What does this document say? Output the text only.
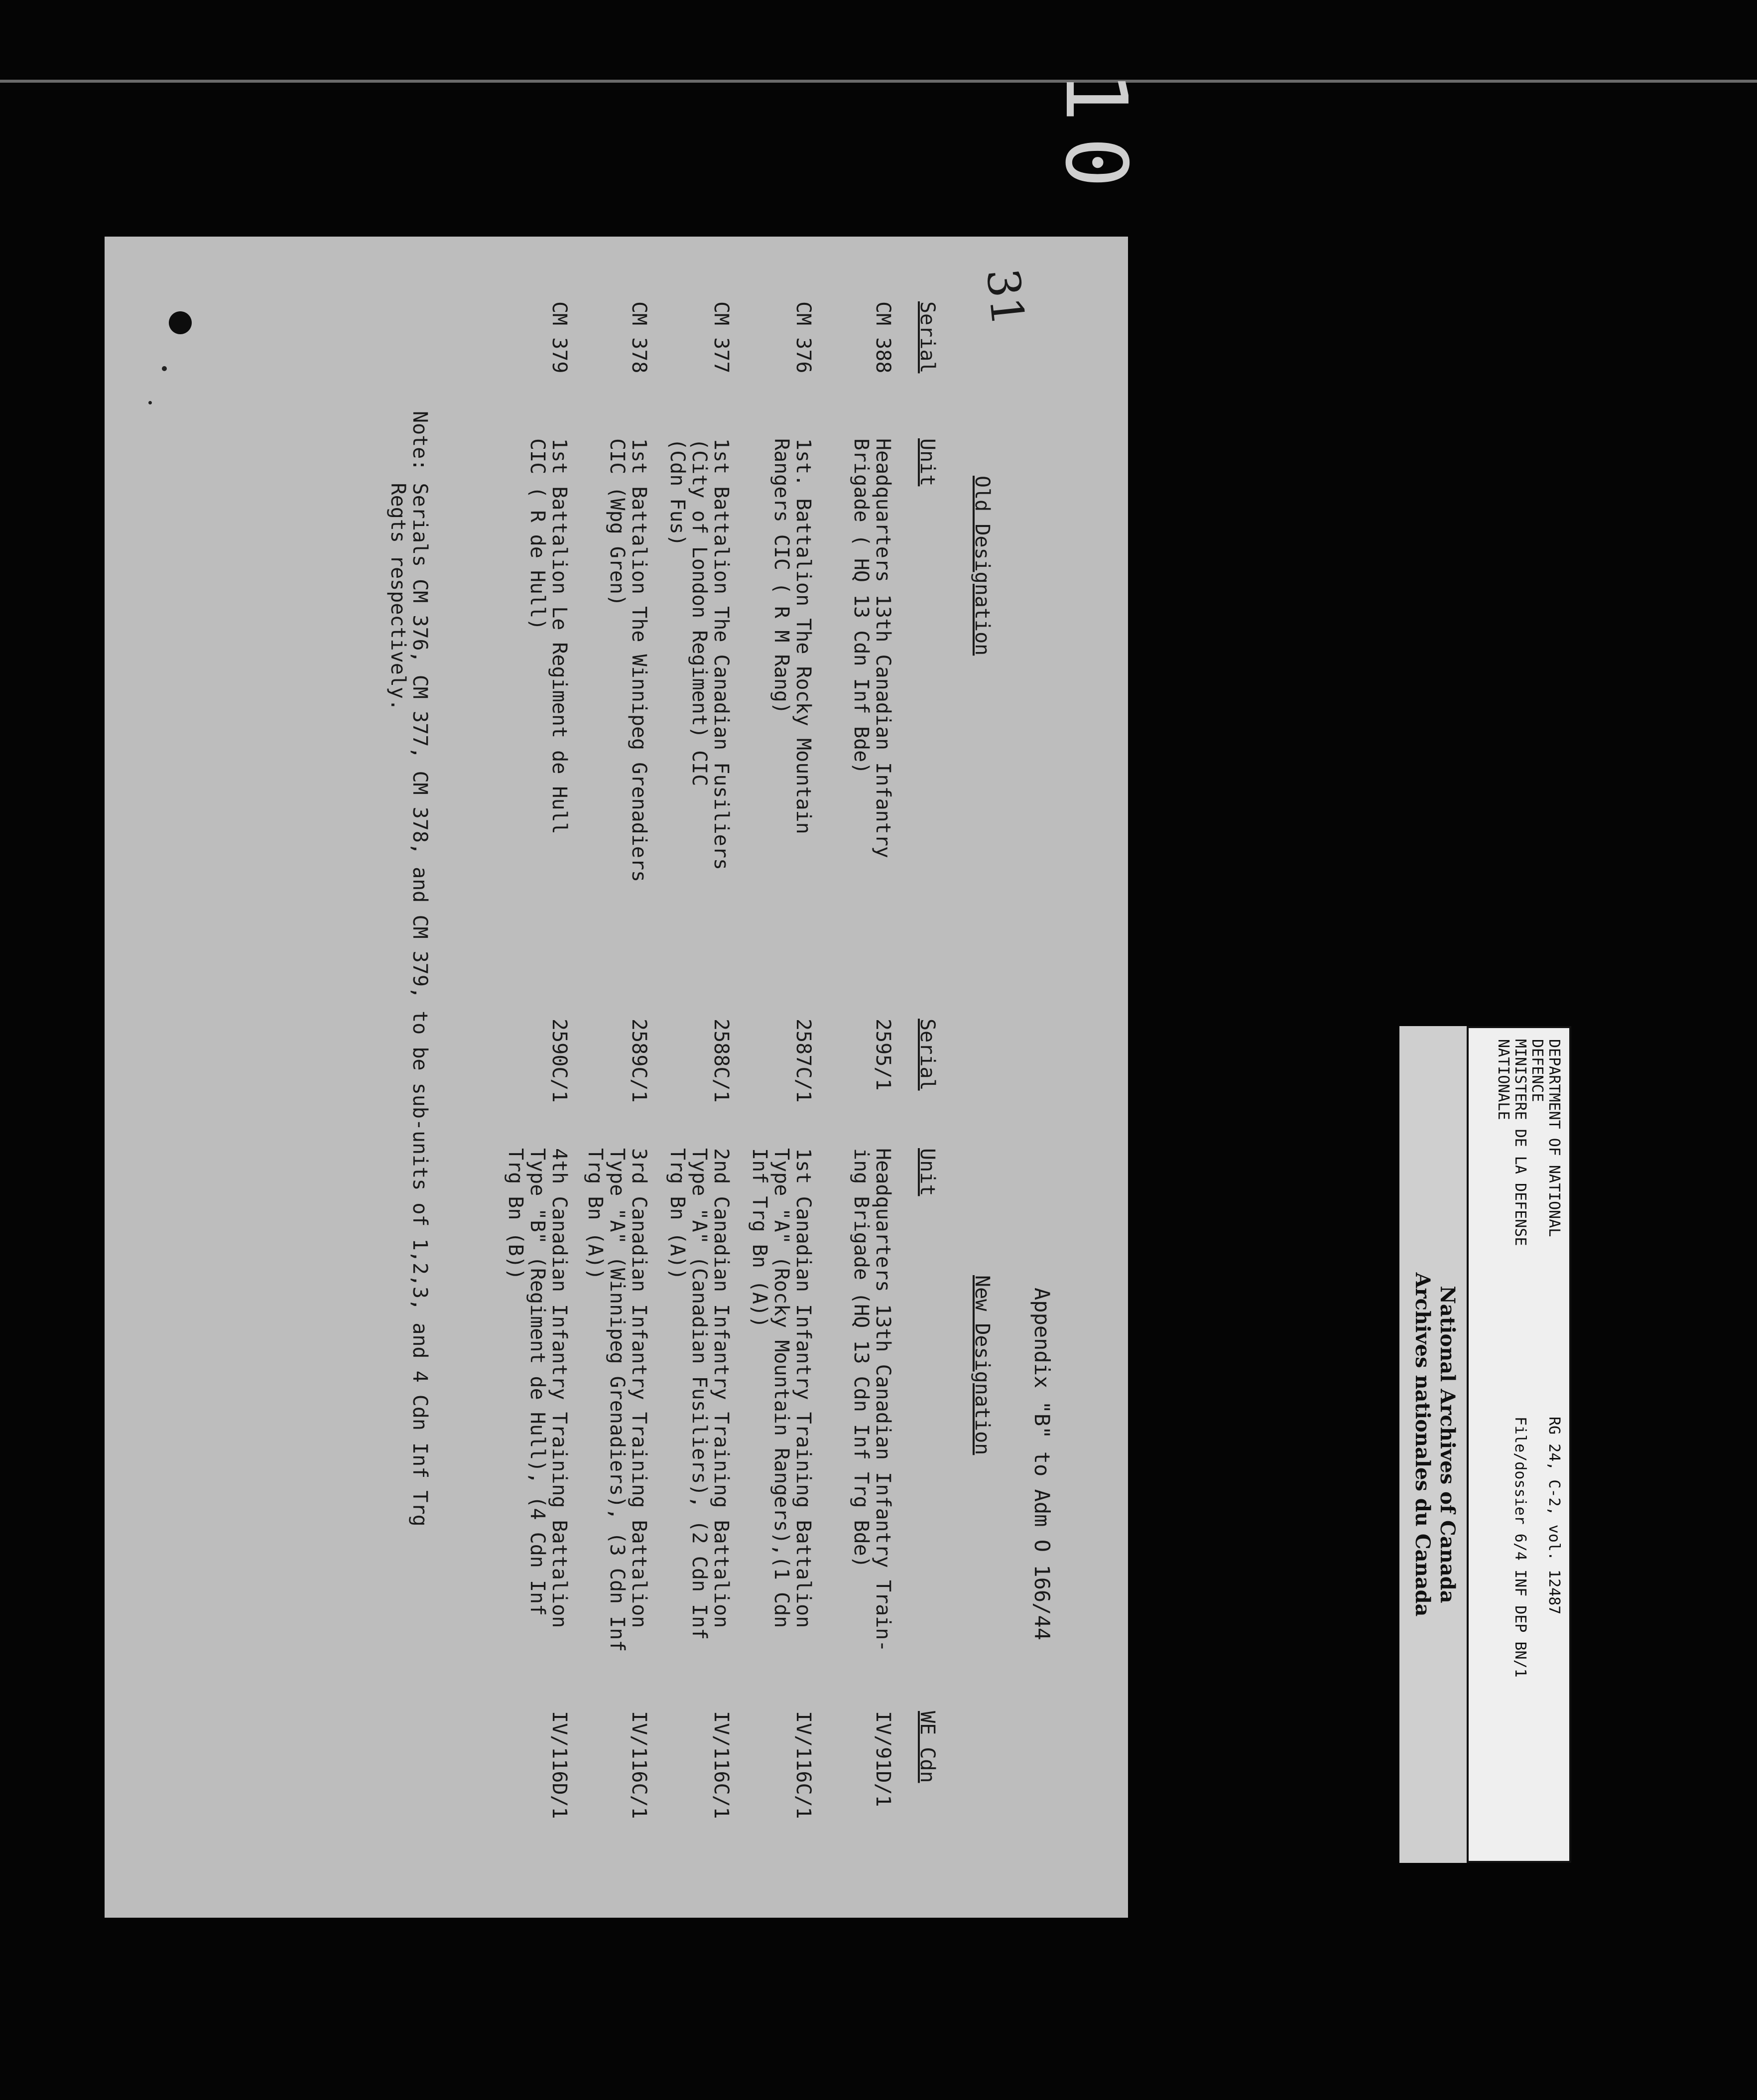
10
31
Appendix "B" to Adm O 166/44
Old Designation
New Designation
Serial
Unit
Serial
Unit
WE Cdn
CM 388
Headquarters 13th Canadian Infantry
Brigade ( HQ 13 Cdn Inf Bde)
2595/1
Headquarters 13th Canadian Infantry Train-
ing Brigade (HQ 13 Cdn Inf Trg Bde)
IV/91D/1
CM 376
1st. Battalion The Rocky Mountain
Rangers CIC ( R M Rang)
2587C/1
1st Canadian Infantry Training Battalion
Type "A" (Rocky Mountain Rangers),(1 Cdn
Inf Trg Bn (A))
IV/116C/1
CM 377
1st Battalion The Canadian Fusiliers
(City of London Regiment) CIC
(Cdn Fus)
2588C/1
2nd Canadian Infantry Training Battalion
Type "A" (Canadian Fusiliers), (2 Cdn Inf
Trg Bn (A))
IV/116C/1
CM 378
1st Battalion The Winnipeg Grenadiers
CIC (Wpg Gren)
2589C/1
3rd Canadian Infantry Training Battalion
Type "A" (Winnipeg Grenadiers), (3 Cdn Inf
Trg Bn (A))
IV/116C/1
CM 379
1st Battalion Le Regiment de Hull
CIC ( R de Hull)
2590C/1
4th Canadian Infantry Training Battalion
Type "B" (Regiment de Hull), (4 Cdn Inf
Trg Bn (B))
IV/116D/1
Note: Serials CM 376, CM 377, CM 378, and CM 379, to be sub-units of 1,2,3, and 4 Cdn Inf Trg
Regts respectively.
DEPARTMENT OF NATIONAL
DEFENCE
MINISTERE DE LA DEFENSE
NATIONALE
RG 24, C-2, vol. 12487

File/dossier 6/4 INF DEP BN/1
National Archives of Canada
Archives nationales du Canada
